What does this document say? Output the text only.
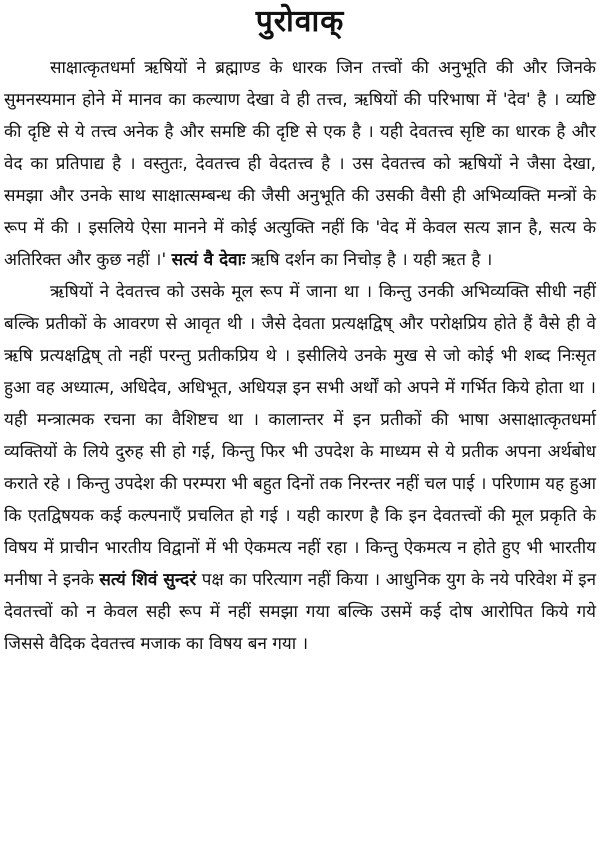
पुरोवाक्

साक्षात्कृतधर्मा ऋषियों ने ब्रह्माण्ड के धारक जिन तत्त्वों की अनुभूति की और जिनके सुमनस्यमान होने में मानव का कल्याण देखा वे ही तत्त्व, ऋषियों की परिभाषा में 'देव' है । व्यष्टि की दृष्टि से ये तत्त्व अनेक है और समष्टि की दृष्टि से एक है । यही देवतत्त्व सृष्टि का धारक है और वेद का प्रतिपाद्य है । वस्तुतः, देवतत्त्व ही वेदतत्त्व है । उस देवतत्त्व को ऋषियों ने जैसा देखा, समझा और उनके साथ साक्षात्सम्बन्ध की जैसी अनुभूति की उसकी वैसी ही अभिव्यक्ति मन्त्रों के रूप में की । इसलिये ऐसा मानने में कोई अत्युक्ति नहीं कि 'वेद में केवल सत्य ज्ञान है, सत्य के अतिरिक्त और कुछ नहीं ।' सत्यं वै देवाः ऋषि दर्शन का निचोड़ है । यही ऋत है ।

ऋषियों ने देवतत्त्व को उसके मूल रूप में जाना था । किन्तु उनकी अभिव्यक्ति सीधी नहीं बल्कि प्रतीकों के आवरण से आवृत थी । जैसे देवता प्रत्यक्षद्विष् और परोक्षप्रिय होते हैं वैसे ही वे ऋषि प्रत्यक्षद्विष् तो नहीं परन्तु प्रतीकप्रिय थे । इसीलिये उनके मुख से जो कोई भी शब्द निःसृत हुआ वह अध्यात्म, अधिदेव, अधिभूत, अधियज्ञ इन सभी अर्थों को अपने में गर्भित किये होता था । यही मन्त्रात्मक रचना का वैशिष्टच था । कालान्तर में इन प्रतीकों की भाषा असाक्षात्कृतधर्मा व्यक्तियों के लिये दुरुह सी हो गई, किन्तु फिर भी उपदेश के माध्यम से ये प्रतीक अपना अर्थबोध कराते रहे । किन्तु उपदेश की परम्परा भी बहुत दिनों तक निरन्तर नहीं चल पाई । परिणाम यह हुआ कि एतद्विषयक कई कल्पनाएँ प्रचलित हो गई । यही कारण है कि इन देवतत्त्वों की मूल प्रकृति के विषय में प्राचीन भारतीय विद्वानों में भी ऐकमत्य नहीं रहा । किन्तु ऐकमत्य न होते हुए भी भारतीय मनीषा ने इनके सत्यं शिवं सुन्दरं पक्ष का परित्याग नहीं किया । आधुनिक युग के नये परिवेश में इन देवतत्त्वों को न केवल सही रूप में नहीं समझा गया बल्कि उसमें कई दोष आरोपित किये गये जिससे वैदिक देवतत्त्व मजाक का विषय बन गया ।
